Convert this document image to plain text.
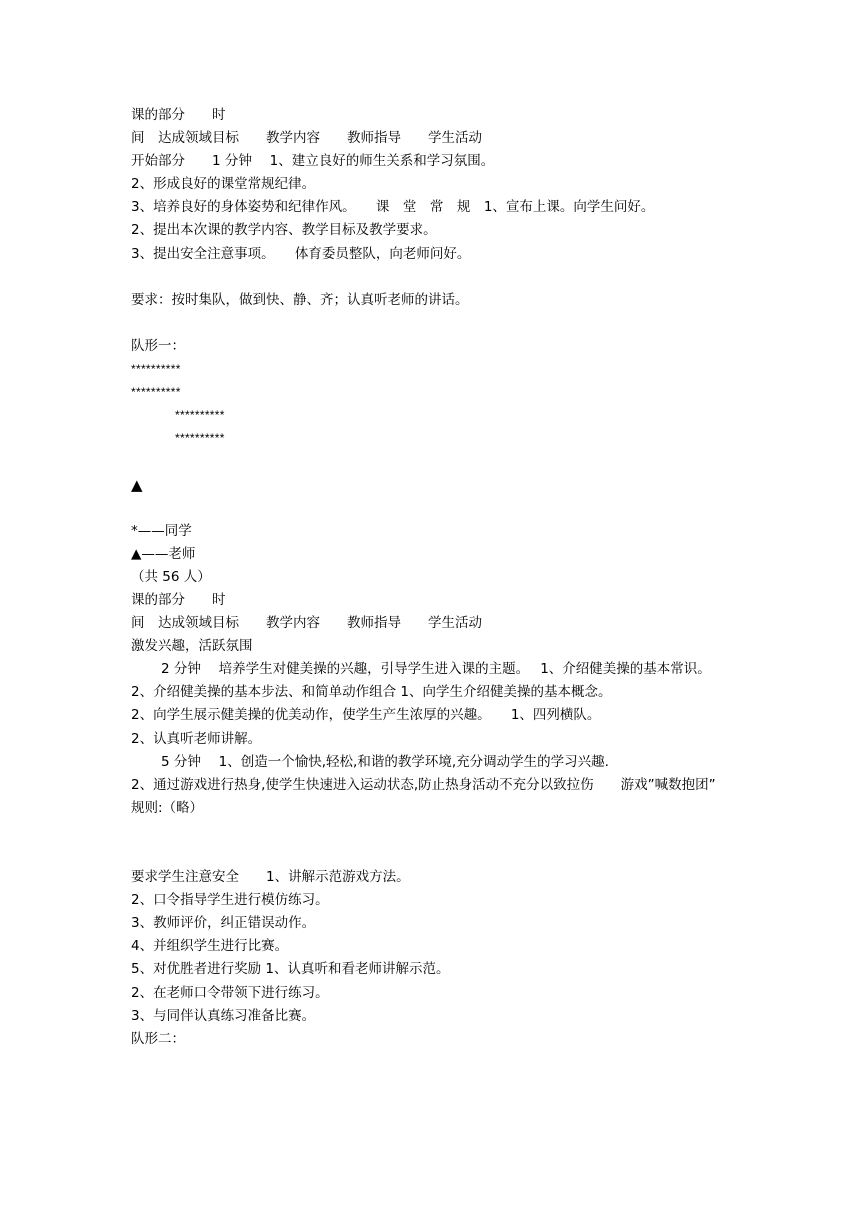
课的部分　　时
间　达成领域目标　　教学内容　　教师指导　　学生活动
开始部分　　1 分钟　 1、建立良好的师生关系和学习氛围。
2、形成良好的课堂常规纪律。
3、培养良好的身体姿势和纪律作风。　　课　堂　常　规　1、宣布上课。向学生问好。
2、提出本次课的教学内容、教学目标及教学要求。
3、提出安全注意事项。　　体育委员整队，向老师问好。
要求：按时集队，做到快、静、齐；认真听老师的讲话。
队形一：
**********
**********
**********
**********
▲
*——同学
▲——老师
（共 56 人）
课的部分　　时
间　达成领域目标　　教学内容　　教师指导　　学生活动
激发兴趣，活跃氛围
2 分钟　 培养学生对健美操的兴趣，引导学生进入课的主题。　 1、介绍健美操的基本常识。
2、介绍健美操的基本步法、和简单动作组合 1、向学生介绍健美操的基本概念。
2、向学生展示健美操的优美动作，使学生产生浓厚的兴趣。　　1、四列横队。
2、认真听老师讲解。
5 分钟　 1、创造一个愉快,轻松,和谐的教学环境,充分调动学生的学习兴趣.
2、通过游戏进行热身,使学生快速进入运动状态,防止热身活动不充分以致拉伤　　游戏”喊数抱团”
规则:（略）
要求学生注意安全　　1、讲解示范游戏方法。
2、口令指导学生进行模仿练习。
3、教师评价，纠正错误动作。
4、并组织学生进行比赛。
5、对优胜者进行奖励 1、认真听和看老师讲解示范。
2、在老师口令带领下进行练习。
3、与同伴认真练习准备比赛。
队形二：
